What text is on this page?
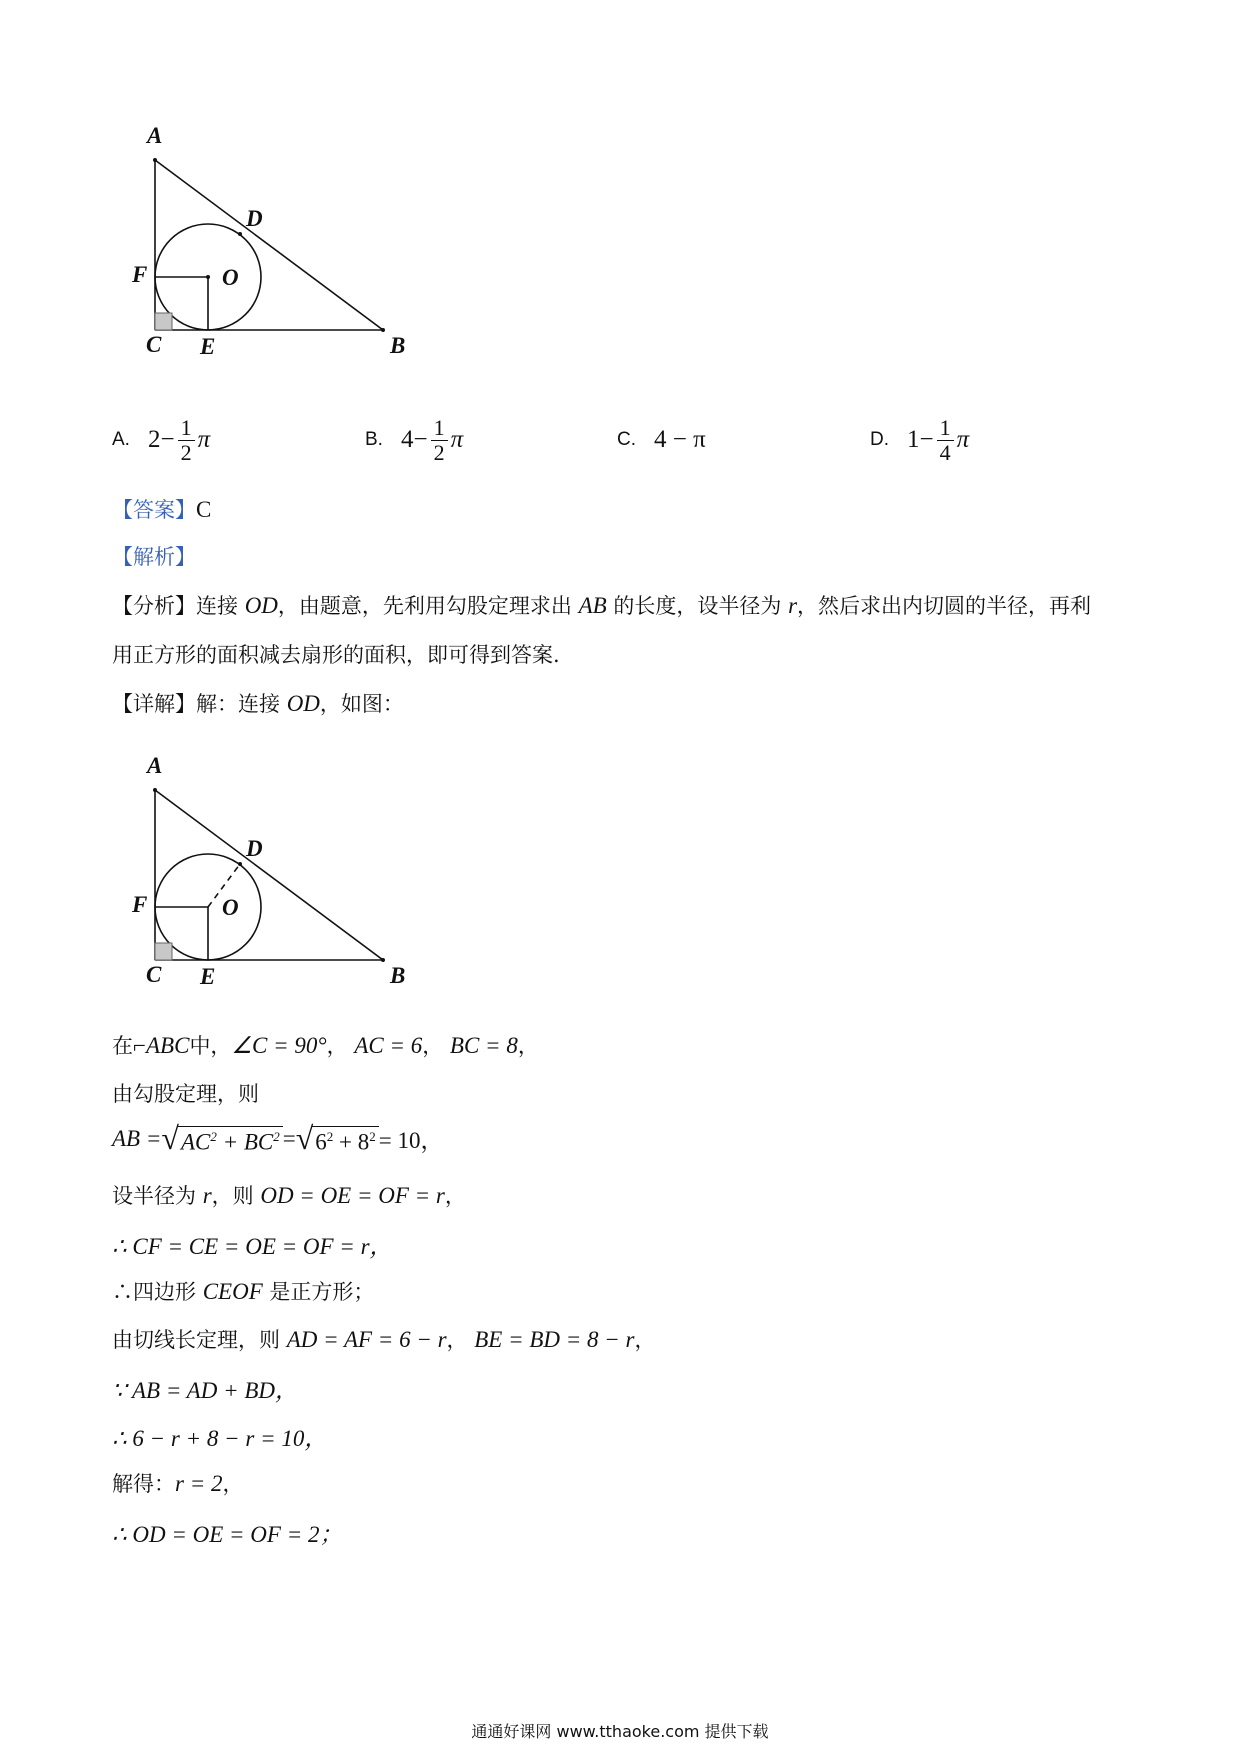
A
B
C
D
E
F	O
A. $2 - \frac{1}{2}$ π	B. $4 - \frac{1}{2}$ π	C. 4 − π	D. $1 - \frac{1}{4}$ π
【答案】C
【解析】
【分析】连接 OD，由题意，先利用勾股定理求出 AB 的长度，设半径为 r，然后求出内切圆的半径，再利
用正方形的面积减去扇形的面积，即可得到答案.
【详解】解：连接 OD，如图：
A
B
C
D
E
F	O
在⌐ABC中，∠C = 90°， AC = 6， BC = 8，
由勾股定理，则
AB = √ $AC^2 + BC^2$ = √ $6^2 + 8^2 = 10$，
设半径为 r，则 OD = OE = OF = r，
∴ CF = CE = OE = OF = r，
∴四边形 CEOF 是正方形；
由切线长定理，则 AD = AF = 6 − r， BE = BD = 8 − r，
∵ AB = AD + BD，
∴ 6 − r + 8 − r = 10，
解得：r = 2，
∴ OD = OE = OF = 2；
通通好课网 www.tthaoke.com 提供下载
